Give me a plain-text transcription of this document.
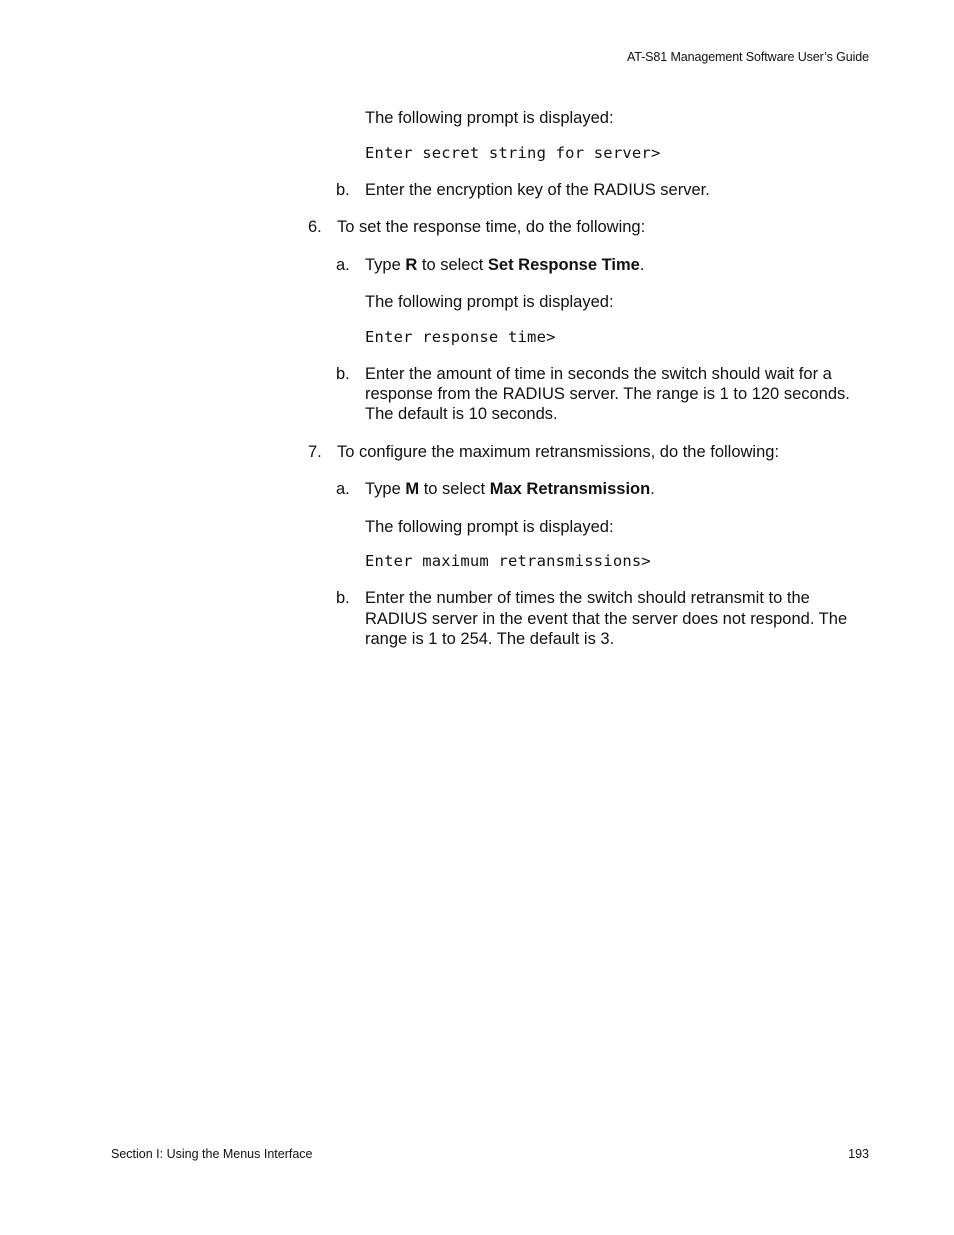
AT-S81 Management Software User’s Guide
The following prompt is displayed:
Enter secret string for server>
b. Enter the encryption key of the RADIUS server.
6. To set the response time, do the following:
a. Type R to select Set Response Time.
The following prompt is displayed:
Enter response time>
b. Enter the amount of time in seconds the switch should wait for a
response from the RADIUS server. The range is 1 to 120 seconds.
The default is 10 seconds.
7. To configure the maximum retransmissions, do the following:
a. Type M to select Max Retransmission.
The following prompt is displayed:
Enter maximum retransmissions>
b. Enter the number of times the switch should retransmit to the
RADIUS server in the event that the server does not respond. The
range is 1 to 254. The default is 3.
Section I: Using the Menus Interface	193
